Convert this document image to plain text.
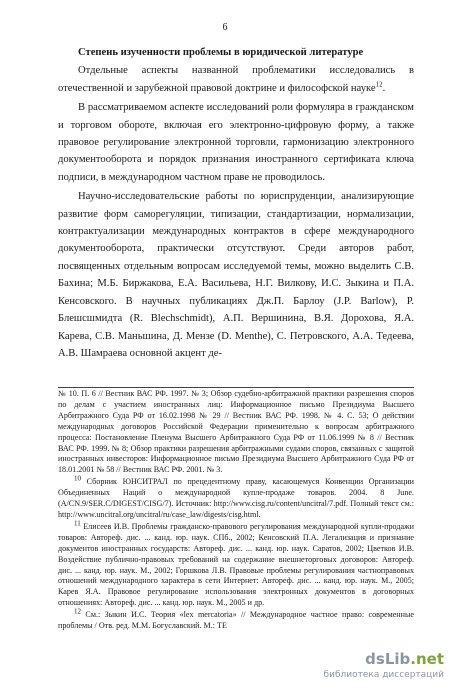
6
Степень изученности проблемы в юридической литературе

Отдельные аспекты названной проблематики исследовались в отечественной и зарубежной правовой доктрине и философской науке$^{12}$.

В рассматриваемом аспекте исследований роли формуляра в гражданском и торговом обороте, включая его электронно-цифровую форму, а также правовое регулирование электронной торговли, гармонизацию электронного документооборота и порядок признания иностранного сертификата ключа подписи, в международном частном праве не проводилось.

Научно-исследовательские работы по юриспруденции, анализирующие развитие форм саморегуляции, типизации, стандартизации, нормализации, контрактуализации международных контрактов в сфере международного документооборота, практически отсутствуют. Среди авторов работ, посвященных отдельным вопросам исследуемой темы, можно выделить С.В. Бахина; М.Б. Биржакова, Е.А. Васильева, Н.Г. Вилкову, И.С. Зыкина и П.А. Кенсовского. В научных публикациях Дж.П. Барлоу (J.P. Barlow), Р. Блешсшмидта (R. Blechschmidt), А.П. Вершинина, В.Я. Дорохова, Я.А. Карева, С.В. Маньшина, Д. Мензе (D. Menthe), С. Петровского, А.А. Тедеева, А.В. Шамраева основной акцент де-

№ 10. П. 6 // Вестник ВАС РФ. 1997. № 3; Обзор судебно-арбитражной практики разрешения споров по делам с участием иностранных лиц: Информационное письмо Президиума Высшего Арбитражного Суда РФ от 16.02.1998 № 29 // Вестник ВАС РФ. 1998. № 4. С. 53; О действии международных договоров Российской Федерации применительно к вопросам арбитражного процесса: Постановление Пленума Высшего Арбитражного Суда РФ от 11.06.1999 № 8 // Вестник ВАС РФ. 1999. № 8; Обзор практики разрешения арбитражными судами споров, связанных с защитой иностранных инвесторов: Информационное письмо Президиума Высшего Арбитражного Суда РФ от 18.01.2001 № 58 // Вестник ВАС РФ. 2001. № 3.

$^{10}$ Сборник ЮНСИТРАЛ по прецедентному праву, касающемуся Конвенции Организации Объединенных Наций о международной купле-продаже товаров. 2004. 8 June. (A/CN.9/SER.C/DIGEST/CISG/7). Источник: http://www.cisg.ru/content/uncitral/7.pdf. Полный текст см.: http://www.uncitral.org/uncitral/ru/case_law/digests/cisg.html.

$^{11}$ Елисеев И.В. Проблемы гражданско-правового регулирования международной купли-продажи товаров: Автореф. дис. ... канд. юр. наук. СПб., 2002; Кенсовский П.А. Легализация и признание документов иностранных государств: Автореф. дис. ... канд. юр. наук. Саратов, 2002; Цветков И.В. Воздействие публично-правовых требований на содержание внешнеторговых договоров: Автореф. дис. ... канд. юр. наук. М., 2002; Горшкова Л.В. Правовые проблемы регулирования частноправовых отношений международного характера в сети Интернет: Автореф. дис. ... канд. юр. наук. М., 2005; Карев Я.А. Правовое регулирование использования электронных документов в договорных отношениях: Автореф. дис. ... канд. юр. наук. М., 2005 и др.

$^{12}$ См.: Зыкин И.С. Теория «lex mercatoria» // Международное частное право: современные проблемы / Отв. ред. М.М. Богуславский. М.: ТЕ

dsLib.net
библиотека диссертаций
